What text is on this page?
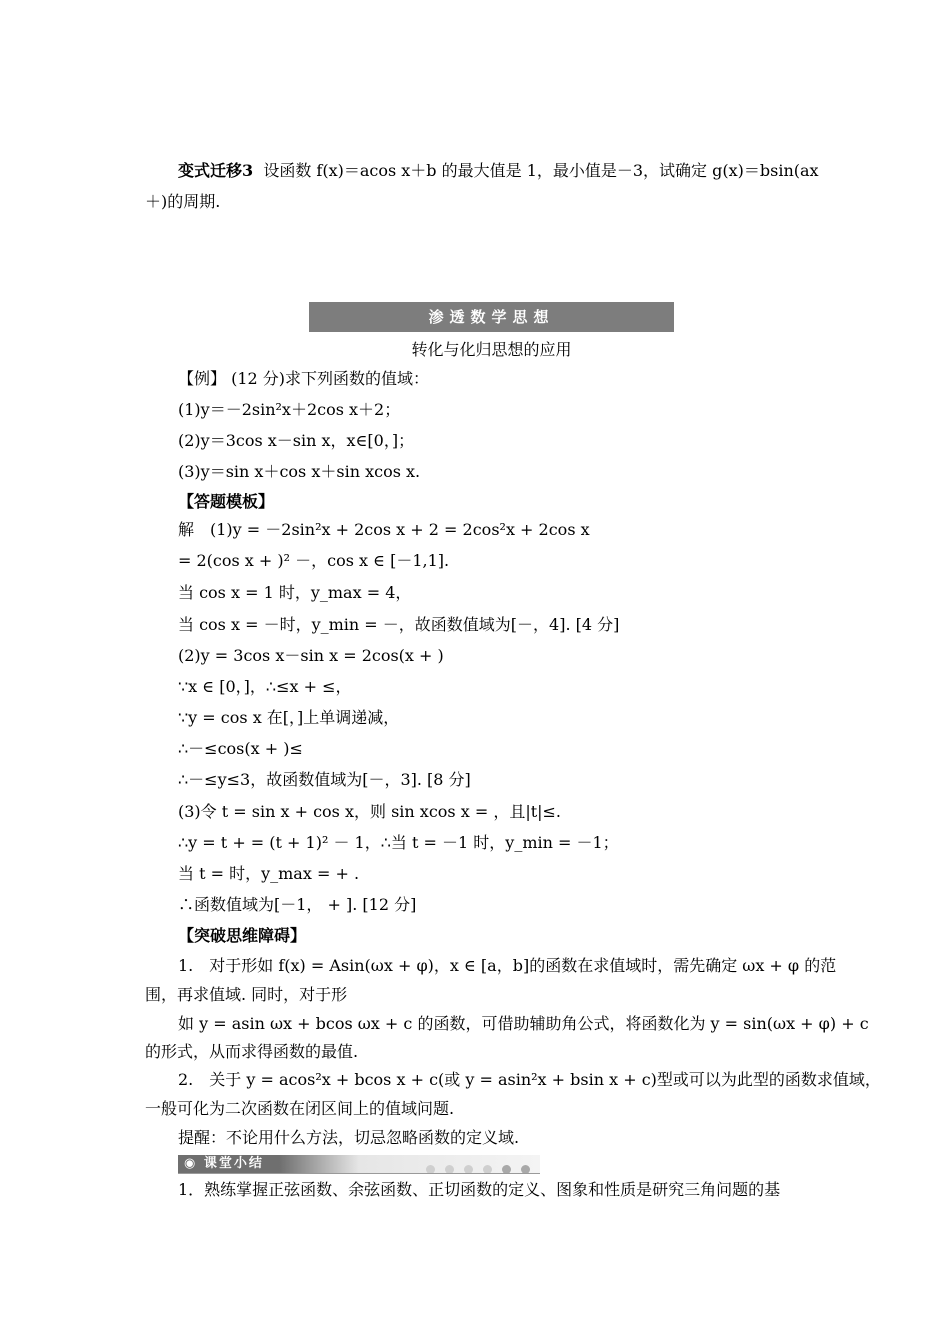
变式迁移3 设函数 f(x)＝acos x＋b 的最大值是 1，最小值是－3，试确定 g(x)＝bsin(ax
＋)的周期.
渗透数学思想
转化与化归思想的应用
【例】 (12 分)求下列函数的值域：
(1)y＝－2sin²x＋2cos x＋2；
(2)y＝3cos x－sin x，x∈[0，]；
(3)y＝sin x＋cos x＋sin xcos x.
【答题模板】
解　(1)y = －2sin²x + 2cos x + 2 = 2cos²x + 2cos x
= 2(cos x + )² －，cos x ∈ [－1,1].
当 cos x = 1 时，y_max = 4，
当 cos x = －时，y_min = －，故函数值域为[－，4]. [4 分]
(2)y = 3cos x－sin x = 2cos(x + )
∵x ∈ [0，]，∴≤x + ≤，
∵y = cos x 在[，]上单调递减，
∴－≤cos(x + )≤
∴－≤y≤3，故函数值域为[－，3]. [8 分]
(3)令 t = sin x + cos x，则 sin xcos x = ，且|t|≤.
∴y = t + = (t + 1)² － 1，∴当 t = －1 时，y_min = －1；
当 t = 时，y_max = + .
∴函数值域为[－1， + ]. [12 分]
【突破思维障碍】
1.　对于形如 f(x) = Asin(ωx + φ)，x ∈ [a，b]的函数在求值域时，需先确定 ωx + φ 的范
围，再求值域. 同时，对于形
如 y = asin ωx + bcos ωx + c 的函数，可借助辅助角公式，将函数化为 y = sin(ωx + φ) + c
的形式，从而求得函数的最值.
2.　关于 y = acos²x + bcos x + c(或 y = asin²x + bsin x + c)型或可以为此型的函数求值域，
一般可化为二次函数在闭区间上的值域问题.
提醒：不论用什么方法，切忌忽略函数的定义域.
◉ 课堂小结
1．熟练掌握正弦函数、余弦函数、正切函数的定义、图象和性质是研究三角问题的基
